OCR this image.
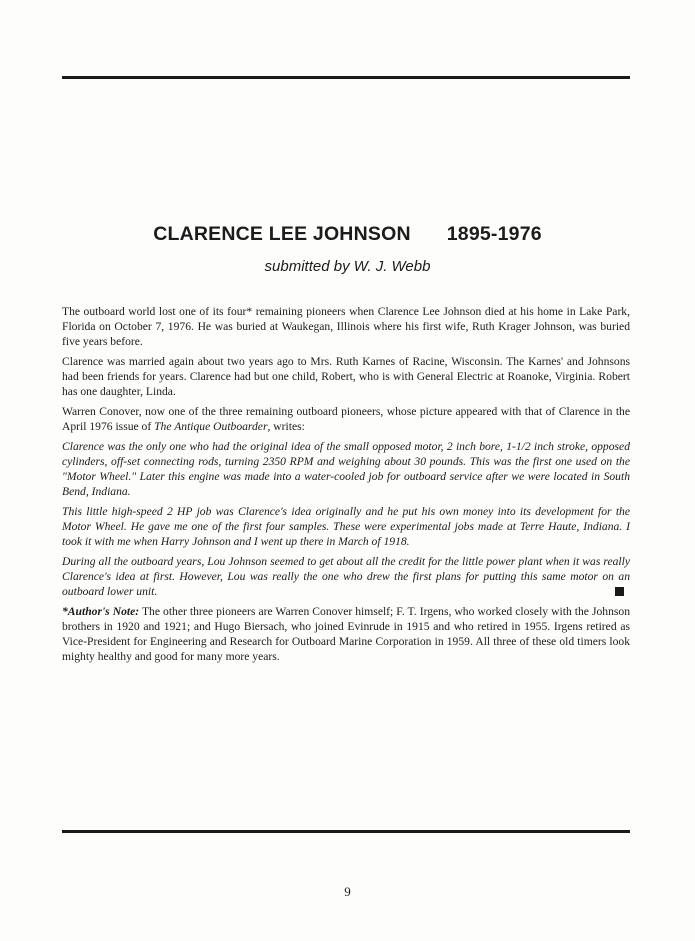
CLARENCE LEE JOHNSON 1895-1976
submitted by W. J. Webb

The outboard world lost one of its four* remaining pioneers when Clarence Lee Johnson died at his home in Lake Park, Florida on October 7, 1976. He was buried at Waukegan, Illinois where his first wife, Ruth Krager Johnson, was buried five years before.

Clarence was married again about two years ago to Mrs. Ruth Karnes of Racine, Wisconsin. The Karnes' and Johnsons had been friends for years. Clarence had but one child, Robert, who is with General Electric at Roanoke, Virginia. Robert has one daughter, Linda.

Warren Conover, now one of the three remaining outboard pioneers, whose picture appeared with that of Clarence in the April 1976 issue of The Antique Outboarder, writes:

Clarence was the only one who had the original idea of the small opposed motor, 2 inch bore, 1-1/2 inch stroke, opposed cylinders, off-set connecting rods, turning 2350 RPM and weighing about 30 pounds. This was the first one used on the "Motor Wheel." Later this engine was made into a water-cooled job for outboard service after we were located in South Bend, Indiana.

This little high-speed 2 HP job was Clarence's idea originally and he put his own money into its development for the Motor Wheel. He gave me one of the first four samples. These were experimental jobs made at Terre Haute, Indiana. I took it with me when Harry Johnson and I went up there in March of 1918.

During all the outboard years, Lou Johnson seemed to get about all the credit for the little power plant when it was really Clarence's idea at first. However, Lou was really the one who drew the first plans for putting this same motor on an outboard lower unit.

*Author's Note: The other three pioneers are Warren Conover himself; F. T. Irgens, who worked closely with the Johnson brothers in 1920 and 1921; and Hugo Biersach, who joined Evinrude in 1915 and who retired in 1955. Irgens retired as Vice-President for Engineering and Research for Outboard Marine Corporation in 1959. All three of these old timers look mighty healthy and good for many more years.

9
